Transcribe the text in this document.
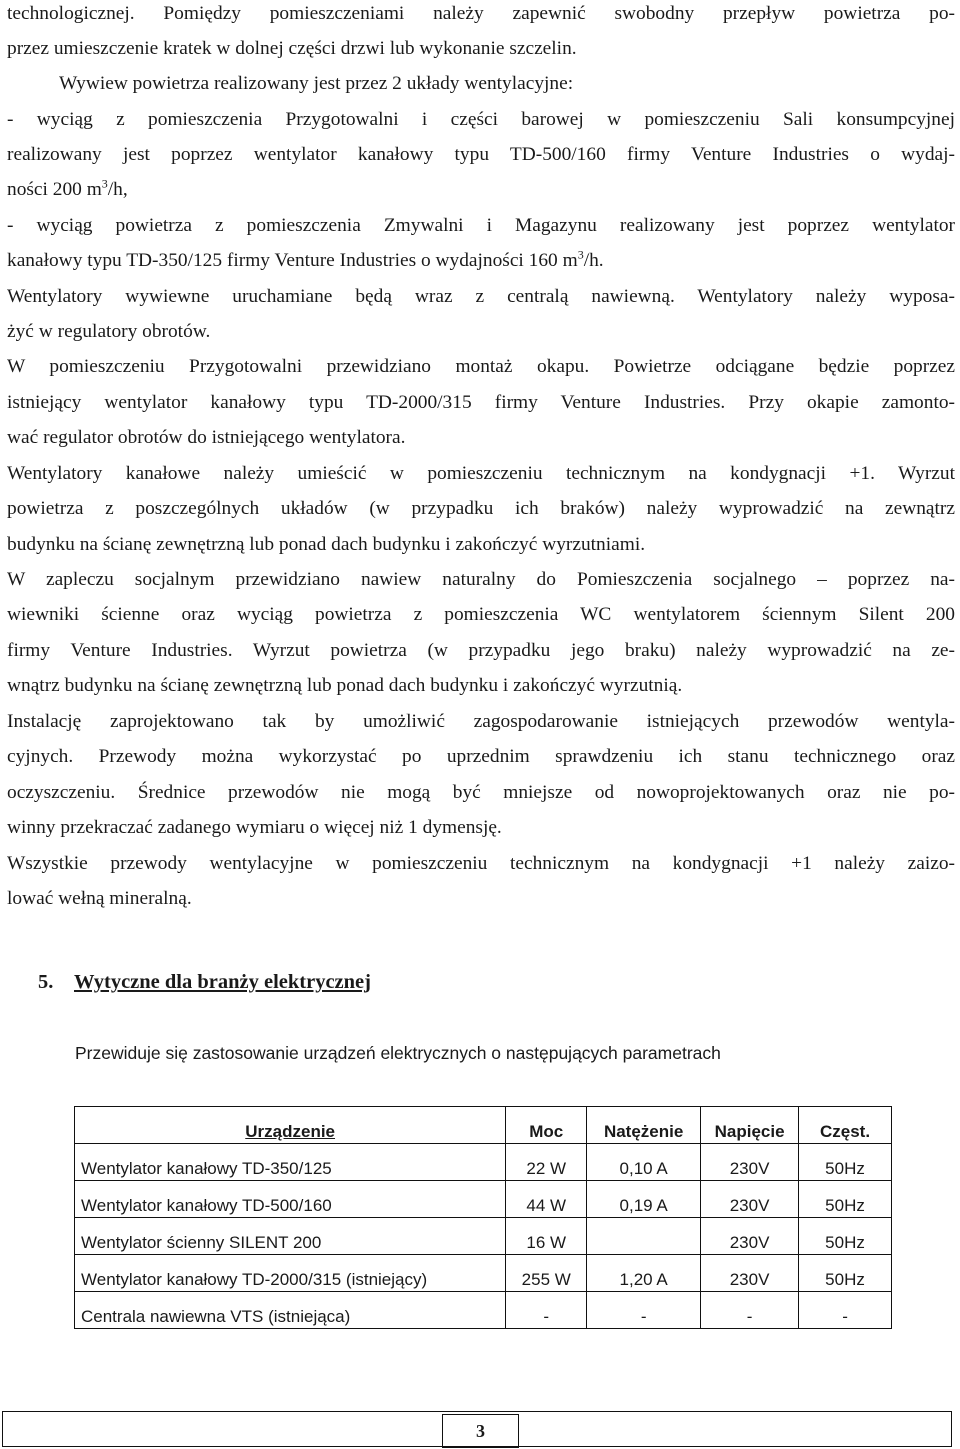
technologicznej. Pomiędzy pomieszczeniami należy zapewnić swobodny przepływ powietrza po-
przez umieszczenie kratek w dolnej części drzwi lub wykonanie szczelin.
Wywiew powietrza realizowany jest przez 2 układy wentylacyjne:
- wyciąg z pomieszczenia Przygotowalni i części barowej w pomieszczeniu Sali konsumpcyjnej
realizowany jest poprzez wentylator kanałowy typu TD-500/160 firmy Venture Industries o wydaj-
ności 200 $m^3/h$,
- wyciąg powietrza z pomieszczenia Zmywalni i Magazynu realizowany jest poprzez wentylator
kanałowy typu TD-350/125 firmy Venture Industries o wydajności 160 $m^3/h$.
Wentylatory wywiewne uruchamiane będą wraz z centralą nawiewną. Wentylatory należy wyposa-
żyć w regulatory obrotów.
W pomieszczeniu Przygotowalni przewidziano montaż okapu. Powietrze odciągane będzie poprzez
istniejący wentylator kanałowy typu TD-2000/315 firmy Venture Industries. Przy okapie zamonto-
wać regulator obrotów do istniejącego wentylatora.
Wentylatory kanałowe należy umieścić w pomieszczeniu technicznym na kondygnacji +1. Wyrzut
powietrza z poszczególnych układów (w przypadku ich braków) należy wyprowadzić na zewnątrz
budynku na ścianę zewnętrzną lub ponad dach budynku i zakończyć wyrzutniami.
W zapleczu socjalnym przewidziano nawiew naturalny do Pomieszczenia socjalnego – poprzez na-
wiewniki ścienne oraz wyciąg powietrza z pomieszczenia WC wentylatorem ściennym Silent 200
firmy Venture Industries. Wyrzut powietrza (w przypadku jego braku) należy wyprowadzić na ze-
wnątrz budynku na ścianę zewnętrzną lub ponad dach budynku i zakończyć wyrzutnią.
Instalację zaprojektowano tak by umożliwić zagospodarowanie istniejących przewodów wentyla-
cyjnych. Przewody można wykorzystać po uprzednim sprawdzeniu ich stanu technicznego oraz
oczyszczeniu. Średnice przewodów nie mogą być mniejsze od nowoprojektowanych oraz nie po-
winny przekraczać zadanego wymiaru o więcej niż 1 dymensję.
Wszystkie przewody wentylacyjne w pomieszczeniu technicznym na kondygnacji +1 należy zaizo-
lować wełną mineralną.
5. Wytyczne dla branży elektrycznej
Przewiduje się zastosowanie urządzeń elektrycznych o następujących parametrach
Urządzenie	Moc	Natężenie	Napięcie	Częst.
Wentylator kanałowy TD-350/125	22 W	0,10 A	230V	50Hz
Wentylator kanałowy TD-500/160	44 W	0,19 A	230V	50Hz
Wentylator ścienny SILENT 200	16 W		230V	50Hz
Wentylator kanałowy TD-2000/315 (istniejący)	255 W	1,20 A	230V	50Hz
Centrala nawiewna VTS (istniejąca)	-	-	-	-
3
